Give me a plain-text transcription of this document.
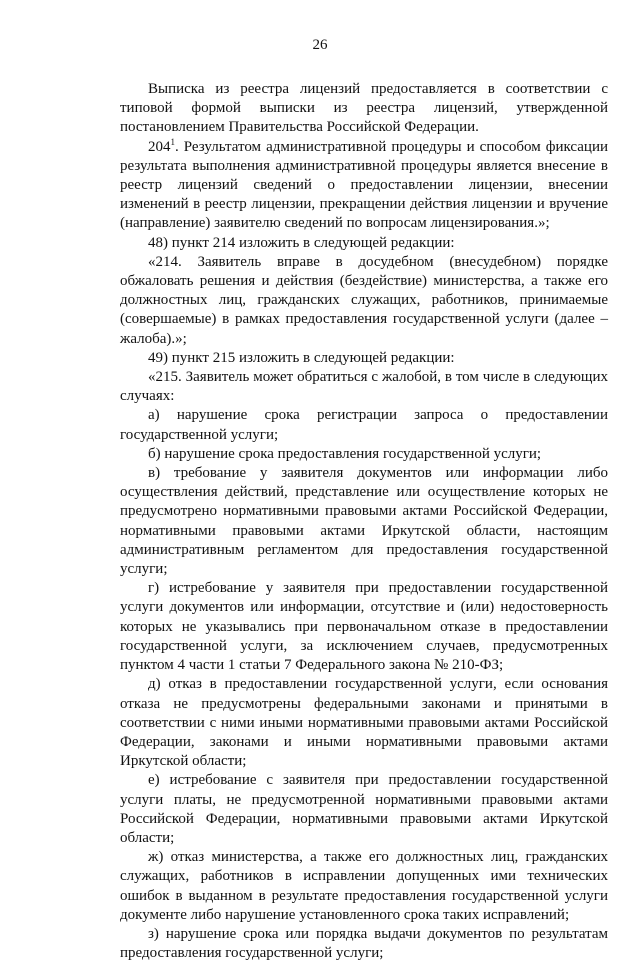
26

Выписка из реестра лицензий предоставляется в соответствии с типовой формой выписки из реестра лицензий, утвержденной постановлением Правительства Российской Федерации.

$204^1$. Результатом административной процедуры и способом фиксации результата выполнения административной процедуры является внесение в реестр лицензий сведений о предоставлении лицензии, внесении изменений в реестр лицензии, прекращении действия лицензии и вручение (направление) заявителю сведений по вопросам лицензирования.»;

48) пункт 214 изложить в следующей редакции:

«214. Заявитель вправе в досудебном (внесудебном) порядке обжаловать решения и действия (бездействие) министерства, а также его должностных лиц, гражданских служащих, работников, принимаемые (совершаемые) в рамках предоставления государственной услуги (далее – жалоба).»;

49) пункт 215 изложить в следующей редакции:

«215. Заявитель может обратиться с жалобой, в том числе в следующих случаях:

а) нарушение срока регистрации запроса о предоставлении государственной услуги;

б) нарушение срока предоставления государственной услуги;

в) требование у заявителя документов или информации либо осуществления действий, представление или осуществление которых не предусмотрено нормативными правовыми актами Российской Федерации, нормативными правовыми актами Иркутской области, настоящим административным регламентом для предоставления государственной услуги;

г) истребование у заявителя при предоставлении государственной услуги документов или информации, отсутствие и (или) недостоверность которых не указывались при первоначальном отказе в предоставлении государственной услуги, за исключением случаев, предусмотренных пунктом 4 части 1 статьи 7 Федерального закона № 210-ФЗ;

д) отказ в предоставлении государственной услуги, если основания отказа не предусмотрены федеральными законами и принятыми в соответствии с ними иными нормативными правовыми актами Российской Федерации, законами и иными нормативными правовыми актами Иркутской области;

е) истребование с заявителя при предоставлении государственной услуги платы, не предусмотренной нормативными правовыми актами Российской Федерации, нормативными правовыми актами Иркутской области;

ж) отказ министерства, а также его должностных лиц, гражданских служащих, работников в исправлении допущенных ими технических ошибок в выданном в результате предоставления государственной услуги документе либо нарушение установленного срока таких исправлений;

з) нарушение срока или порядка выдачи документов по результатам предоставления государственной услуги;
